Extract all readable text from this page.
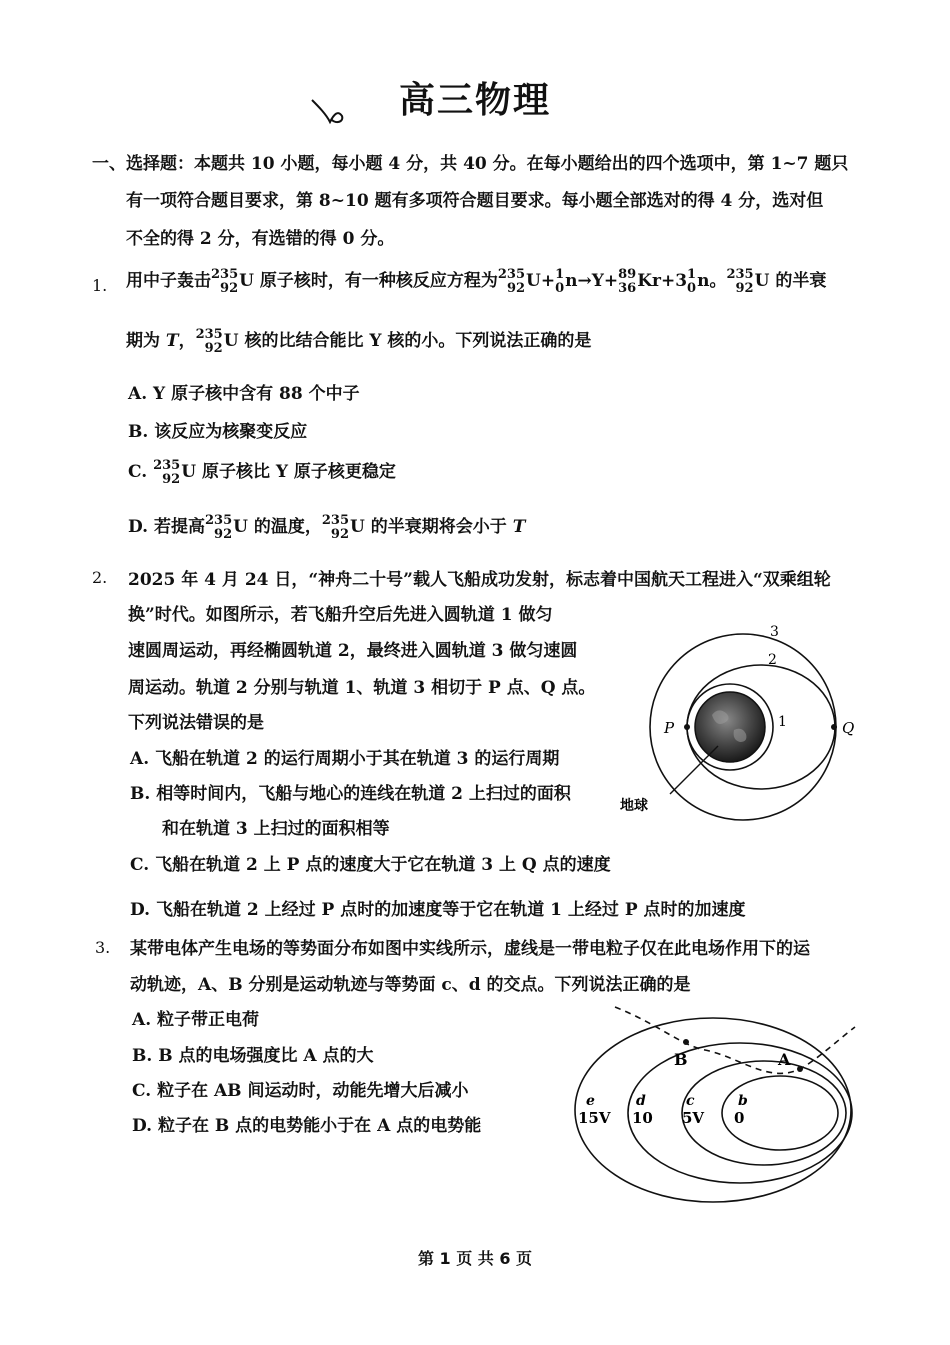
高三物理
一、选择题：本题共 10 小题，每小题 4 分，共 40 分。在每小题给出的四个选项中，第 1~7 题只
有一项符合题目要求，第 8~10 题有多项符合题目要求。每小题全部选对的得 4 分，选对但
不全的得 2 分，有选错的得 0 分。
1. 用中子轰击 235
92 U 原子核时，有一种核反应方程为 235
92 U+ 1
0 n→Y+ 89
36 Kr+3 1
0 n。 235
92 U 的半衰
期为 T， 235
92 U 核的比结合能比 Y 核的小。下列说法正确的是
A. Y 原子核中含有 88 个中子
B. 该反应为核聚变反应
C. 235
92 U 原子核比 Y 原子核更稳定
D. 若提高 235
92 U 的温度， 235
92 U 的半衰期将会小于 T
2. 2025 年 4 月 24 日，“神舟二十号”载人飞船成功发射，标志着中国航天工程进入“双乘组轮
换”时代。如图所示，若飞船升空后先进入圆轨道 1 做匀
速圆周运动，再经椭圆轨道 2，最终进入圆轨道 3 做匀速圆
周运动。轨道 2 分别与轨道 1、轨道 3 相切于 P 点、Q 点。
下列说法错误的是
A. 飞船在轨道 2 的运行周期小于其在轨道 3 的运行周期
B. 相等时间内，飞船与地心的连线在轨道 2 上扫过的面积
和在轨道 3 上扫过的面积相等
C. 飞船在轨道 2 上 P 点的速度大于它在轨道 3 上 Q 点的速度
D. 飞船在轨道 2 上经过 P 点时的加速度等于它在轨道 1 上经过 P 点时的加速度
3
2
1
P	Q
地球
3. 某带电体产生电场的等势面分布如图中实线所示，虚线是一带电粒子仅在此电场作用下的运
动轨迹，A、B 分别是运动轨迹与等势面 c、d 的交点。下列说法正确的是
A. 粒子带正电荷
B. B 点的电场强度比 A 点的大
C. 粒子在 AB 间运动时，动能先增大后减小
D. 粒子在 B 点的电势能小于在 A 点的电势能
B	A
e
15V
d
10
c
5V
b
0
第 1 页 共 6 页
